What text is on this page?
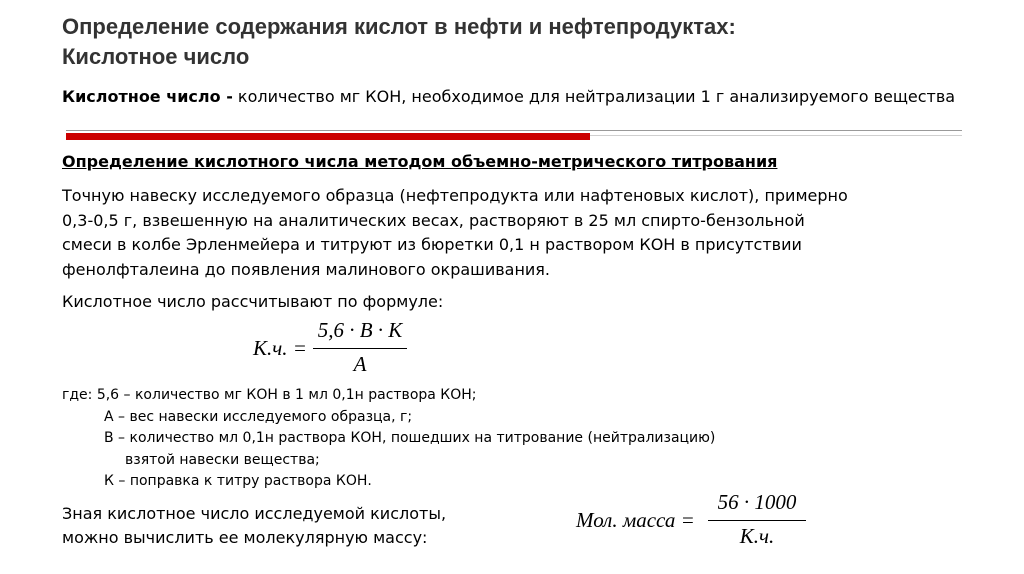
Определение содержания кислот в нефти и нефтепродуктах:
Кислотное число
Кислотное число - количество мг КОН, необходимое для нейтрализации 1 г анализируемого вещества
Определение кислотного числа методом объемно-метрического титрования
Точную навеску исследуемого образца (нефтепродукта или нафтеновых кислот), примерно
0,3-0,5 г, взвешенную на аналитических весах, растворяют в 25 мл спирто-бензольной
смеси в колбе Эрленмейера и титруют из бюретки 0,1 н раствором КОН в присутствии
фенолфталеина до появления малинового окрашивания.
Кислотное число рассчитывают по формуле:
К.ч. =
5,6 · В · К
А
где: 5,6 – количество мг КОН в 1 мл 0,1н раствора КОН;
А – вес навески исследуемого образца, г;
В – количество мл 0,1н раствора КОН, пошедших на титрование (нейтрализацию)
взятой навески вещества;
К – поправка к титру раствора КОН.
Зная кислотное число исследуемой кислоты,
можно вычислить ее молекулярную массу:
Мол. масса =
56 · 1000
К.ч.
